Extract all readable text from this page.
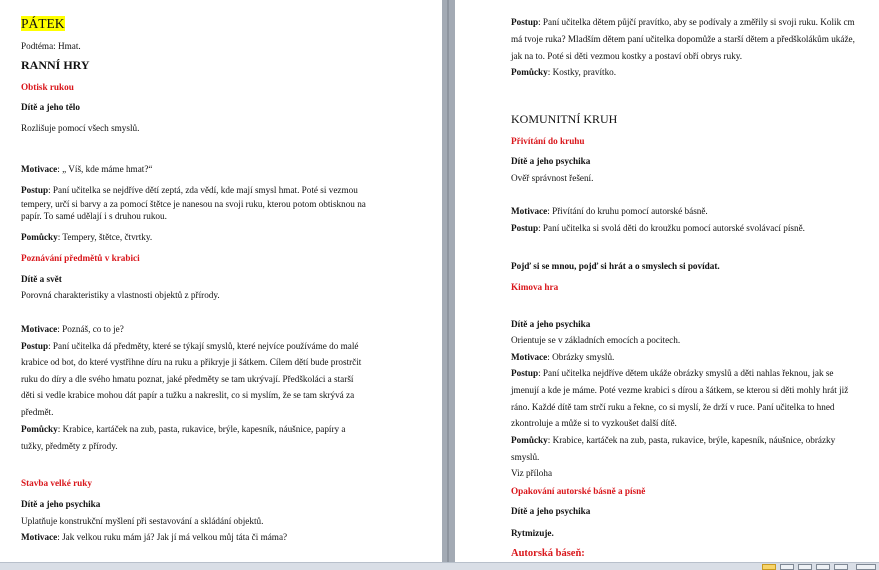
PÁTEK

Podtéma: Hmat.

RANNÍ HRY

Obtisk rukou

Dítě a jeho tělo

Rozlišuje pomocí všech smyslů.

Motivace: „ Víš, kde máme hmat?“

Postup: Paní učitelka se nejdříve dětí zeptá, zda vědí, kde mají smysl hmat. Poté si vezmou

tempery, určí si barvy a za pomocí štětce je nanesou na svoji ruku, kterou potom obtisknou na

papír. To samé udělají i s druhou rukou.

Pomůcky: Tempery, štětce, čtvrtky.

Poznávání předmětů v krabici

Dítě a svět

Porovná charakteristiky a vlastnosti objektů z přírody.

Motivace: Poznáš, co to je?

Postup: Paní učitelka dá předměty, které se týkají smyslů, které nejvíce používáme do malé

krabice od bot, do které vystřihne díru na ruku a přikryje ji šátkem. Cílem dětí bude prostrčit

ruku do díry a dle svého hmatu poznat, jaké předměty se tam ukrývají. Předškoláci a starší

děti si vedle krabice mohou dát papír a tužku a nakreslit, co si myslím, že se tam skrývá za

předmět.

Pomůcky: Krabice, kartáček na zub, pasta, rukavice, brýle, kapesník, náušnice, papíry a

tužky, předměty z přírody.

Stavba velké ruky

Dítě a jeho psychika

Uplatňuje konstrukční myšlení při sestavování a skládání objektů.

Motivace: Jak velkou ruku mám já? Jak jí má velkou můj táta či máma?

Postup: Paní učitelka dětem půjčí pravítko, aby se podívaly a změřily si svoji ruku. Kolik cm

má tvoje ruka? Mladším dětem paní učitelka dopomůže a starší dětem a předškolákům ukáže,

jak na to. Poté si děti vezmou kostky a postaví obří obrys ruky.

Pomůcky: Kostky, pravítko.

KOMUNITNÍ KRUH

Přivítání do kruhu

Dítě a jeho psychika

Ověř správnost řešení.

Motivace: Přivítání do kruhu pomocí autorské básně.

Postup: Paní učitelka si svolá děti do kroužku pomocí autorské svolávací písně.

Pojď si se mnou, pojď si hrát a o smyslech si povídat.

Kimova hra

Dítě a jeho psychika

Orientuje se v základních emocích a pocitech.

Motivace: Obrázky smyslů.

Postup: Paní učitelka nejdříve dětem ukáže obrázky smyslů a děti nahlas řeknou, jak se

jmenují a kde je máme. Poté vezme krabici s dírou a šátkem, se kterou si děti mohly hrát již

ráno. Každé dítě tam strčí ruku a řekne, co si myslí, že drží v ruce. Paní učitelka to hned

zkontroluje a může si to vyzkoušet další dítě.

Pomůcky: Krabice, kartáček na zub, pasta, rukavice, brýle, kapesník, náušnice, obrázky

smyslů.

Viz příloha

Opakování autorské básně a písně

Dítě a jeho psychika

Rytmizuje.

Autorská báseň:
